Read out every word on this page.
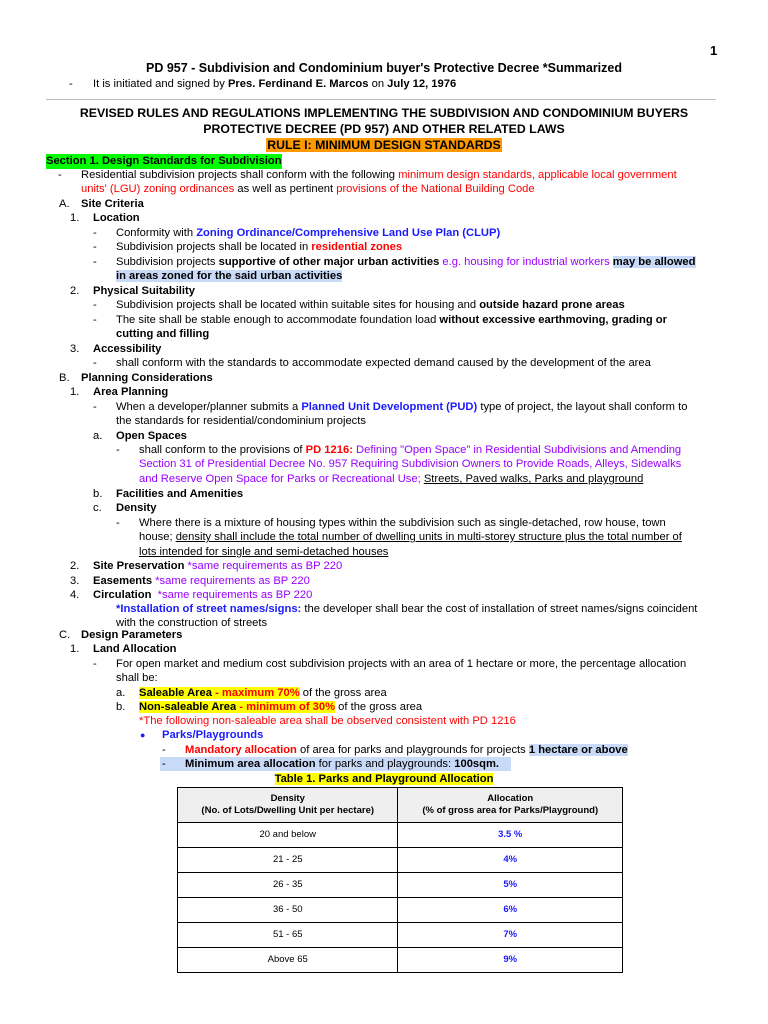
1
PD 957 - Subdivision and Condominium buyer's Protective Decree *Summarized
- It is initiated and signed by Pres. Ferdinand E. Marcos on July 12, 1976
REVISED RULES AND REGULATIONS IMPLEMENTING THE SUBDIVISION AND CONDOMINIUM BUYERS
PROTECTIVE DECREE (PD 957) AND OTHER RELATED LAWS
RULE I: MINIMUM DESIGN STANDARDS
Section 1. Design Standards for Subdivision
- Residential subdivision projects shall conform with the following minimum design standards, applicable local government
units' (LGU) zoning ordinances as well as pertinent provisions of the National Building Code
A. Site Criteria
1. Location
- Conformity with Zoning Ordinance/Comprehensive Land Use Plan (CLUP)
- Subdivision projects shall be located in residential zones
- Subdivision projects supportive of other major urban activities e.g. housing for industrial workers may be allowed
in areas zoned for the said urban activities
2. Physical Suitability
- Subdivision projects shall be located within suitable sites for housing and outside hazard prone areas
- The site shall be stable enough to accommodate foundation load without excessive earthmoving, grading or
cutting and filling
3. Accessibility
- shall conform with the standards to accommodate expected demand caused by the development of the area
B. Planning Considerations
1. Area Planning
- When a developer/planner submits a Planned Unit Development (PUD) type of project, the layout shall conform to
the standards for residential/condominium projects
a. Open Spaces
- shall conform to the provisions of PD 1216: Defining "Open Space" in Residential Subdivisions and Amending
Section 31 of Presidential Decree No. 957 Requiring Subdivision Owners to Provide Roads, Alleys, Sidewalks
and Reserve Open Space for Parks or Recreational Use; Streets, Paved walks, Parks and playground
b. Facilities and Amenities
c. Density
- Where there is a mixture of housing types within the subdivision such as single-detached, row house, town
house; density shall include the total number of dwelling units in multi-storey structure plus the total number of
lots intended for single and semi-detached houses
2. Site Preservation *same requirements as BP 220
3. Easements *same requirements as BP 220
4. Circulation *same requirements as BP 220
*Installation of street names/signs: the developer shall bear the cost of installation of street names/signs coincident
with the construction of streets
C. Design Parameters
1. Land Allocation
- For open market and medium cost subdivision projects with an area of 1 hectare or more, the percentage allocation
shall be:
a. Saleable Area - maximum 70% of the gross area
b. Non-saleable Area - minimum of 30% of the gross area
*The following non-saleable area shall be observed consistent with PD 1216
● Parks/Playgrounds
- Mandatory allocation of area for parks and playgrounds for projects 1 hectare or above
- Minimum area allocation for parks and playgrounds: 100sqm.
Table 1. Parks and Playground Allocation
Density
(No. of Lots/Dwelling Unit per hectare)	Allocation
(% of gross area for Parks/Playground)
20 and below	3.5 %
21 - 25	4%
26 - 35	5%
36 - 50	6%
51 - 65	7%
Above 65	9%
